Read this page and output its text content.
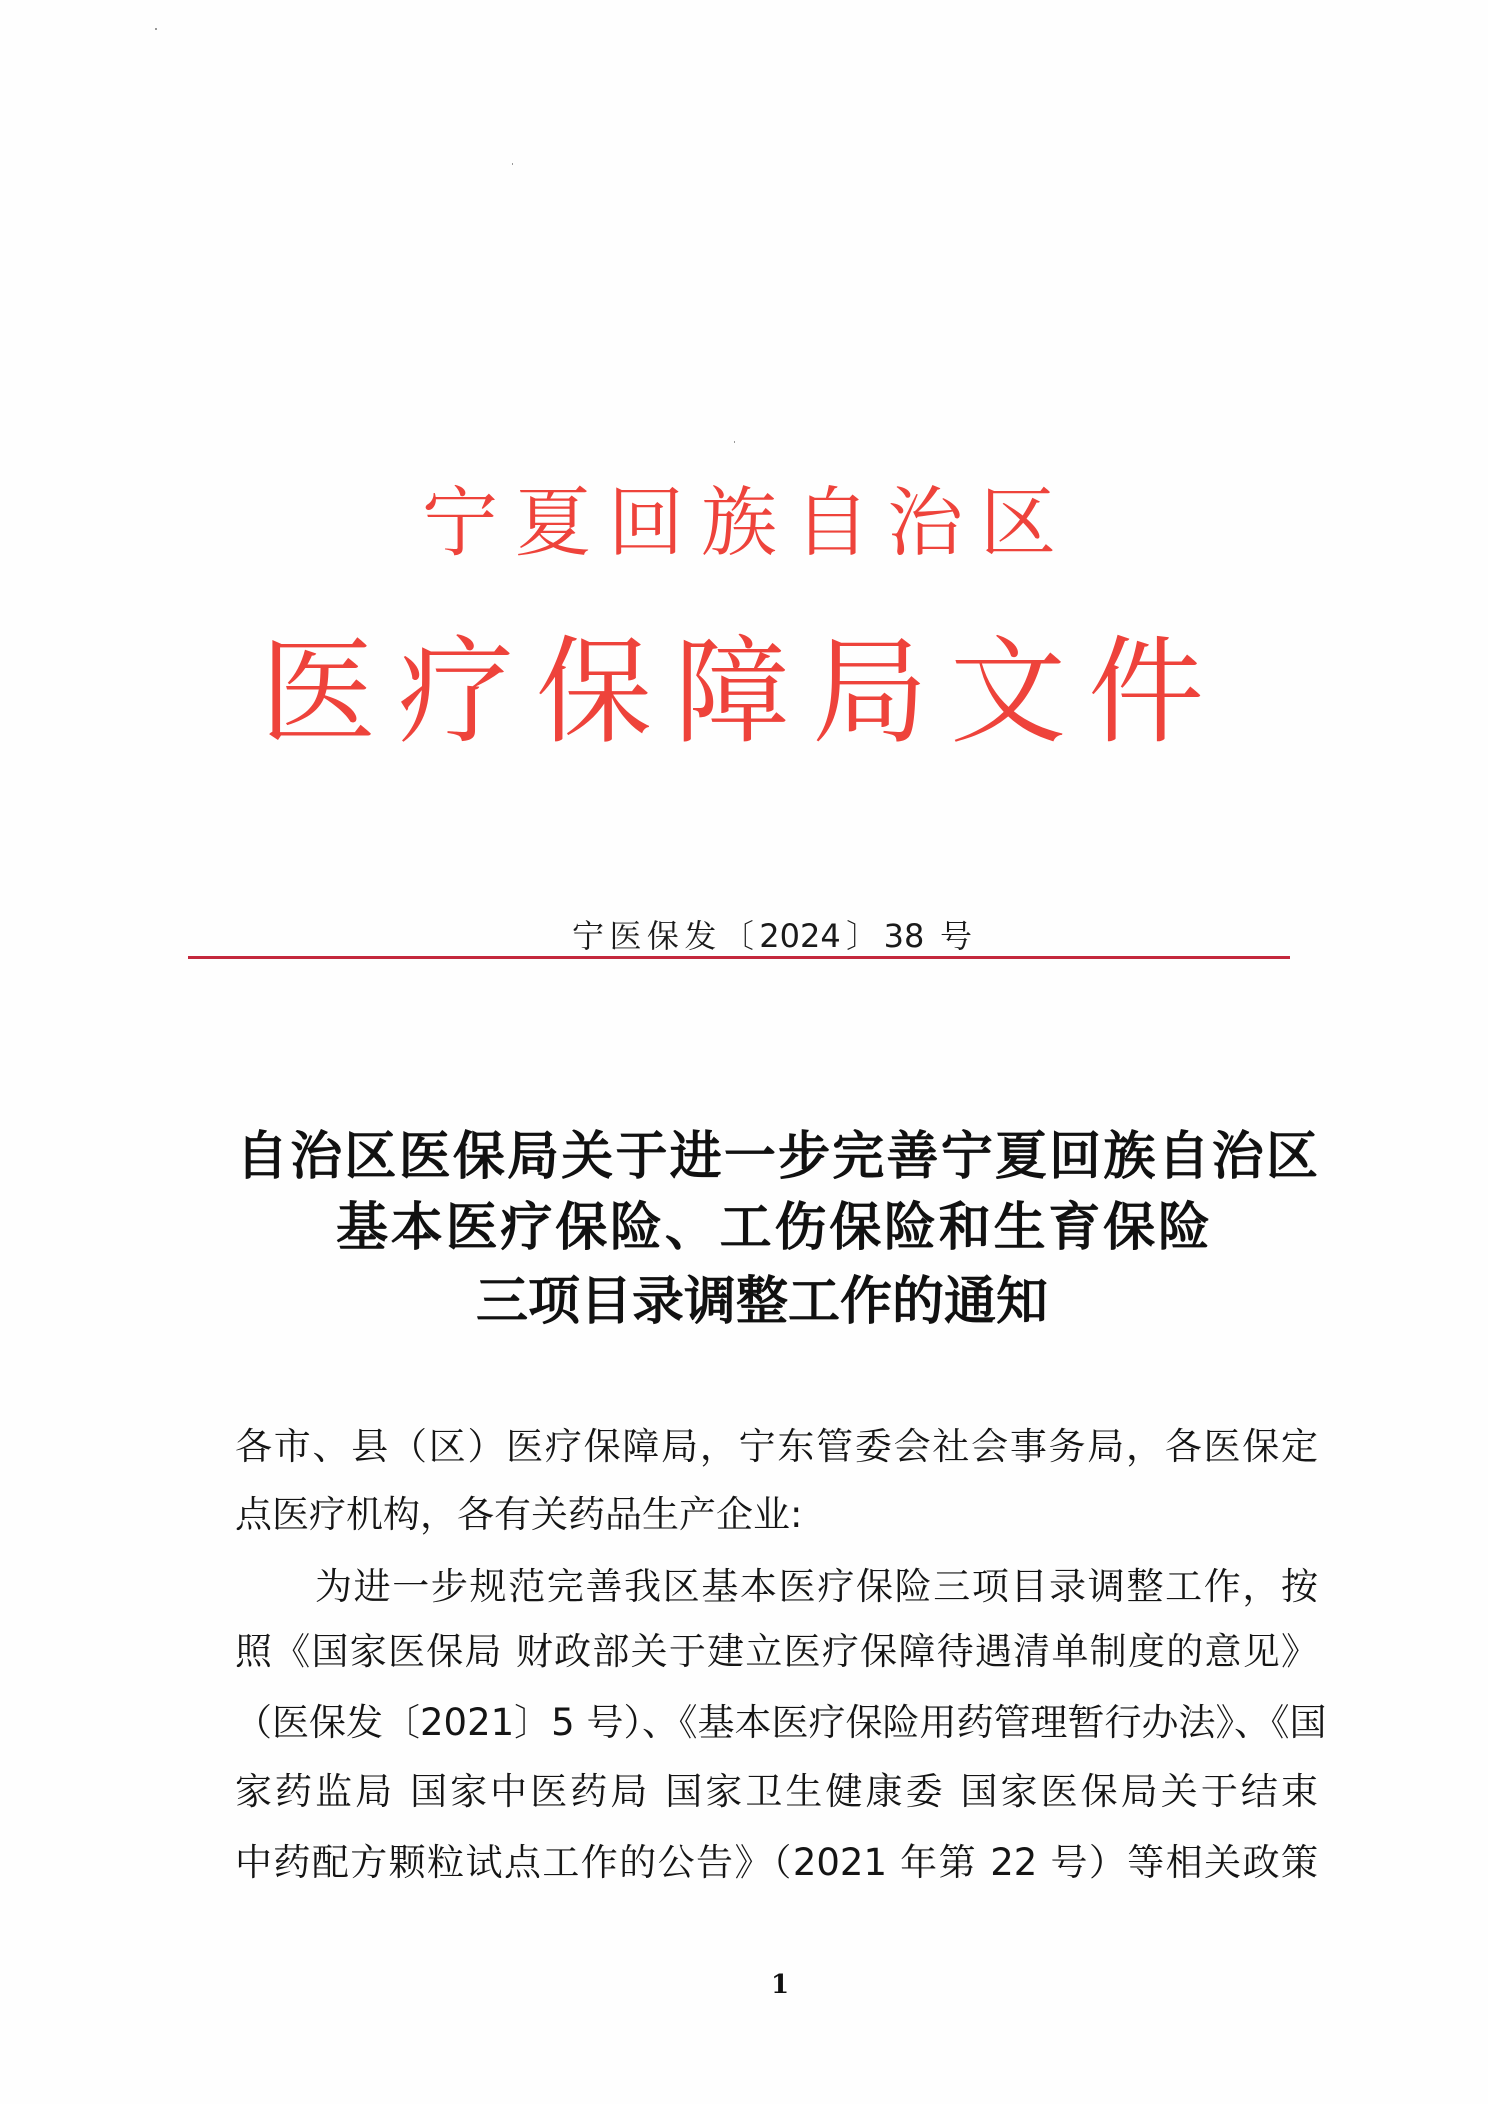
宁夏回族自治区
医疗保障局文件
宁医保发〔2024〕38 号
自治区医保局关于进一步完善宁夏回族自治区
基本医疗保险、工伤保险和生育保险
三项目录调整工作的通知
各市、县（区）医疗保障局，宁东管委会社会事务局，各医保定
点医疗机构，各有关药品生产企业:
为进一步规范完善我区基本医疗保险三项目录调整工作，按
照《国家医保局 财政部关于建立医疗保障待遇清单制度的意见》
（医保发〔2021〕5 号）、《基本医疗保险用药管理暂行办法》、《国
家药监局 国家中医药局 国家卫生健康委 国家医保局关于结束
中药配方颗粒试点工作的公告》（2021 年第 22 号）等相关政策
1
